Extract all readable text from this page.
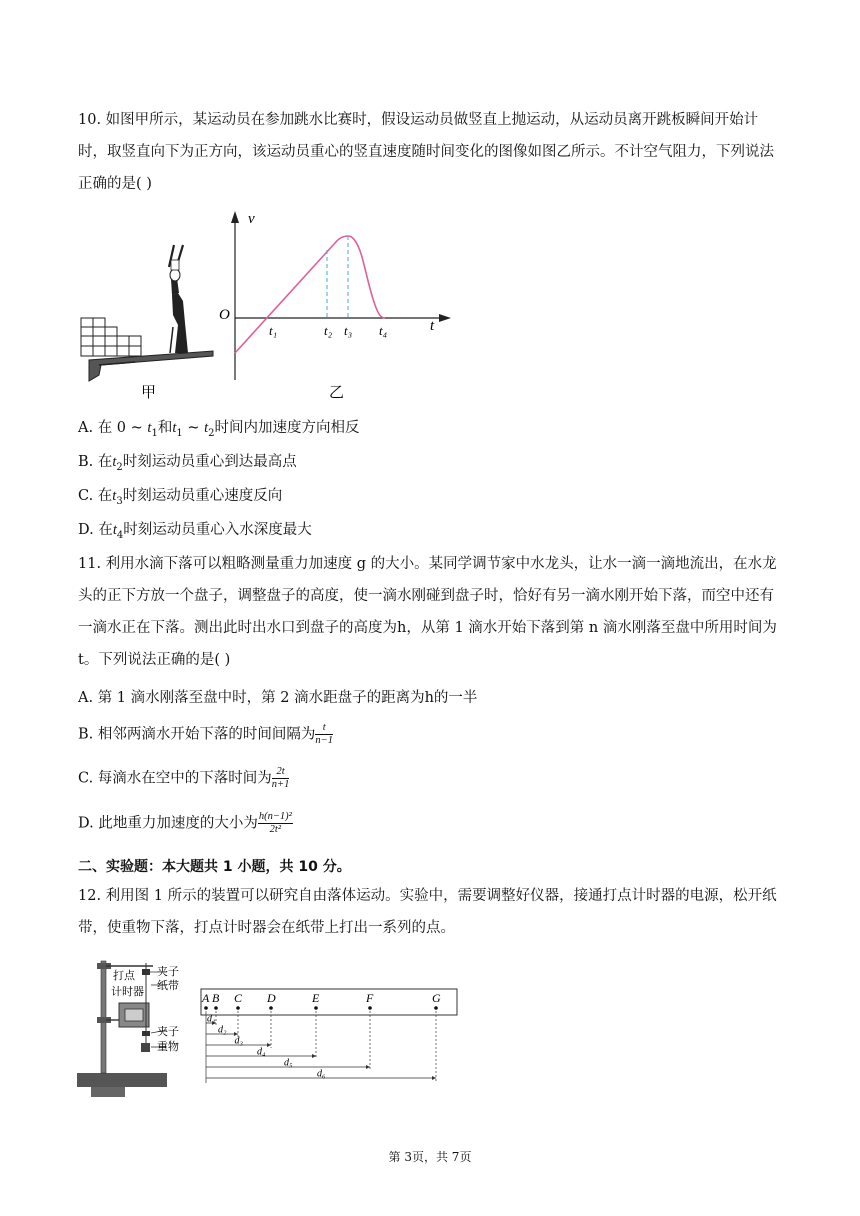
10. 如图甲所示，某运动员在参加跳水比赛时，假设运动员做竖直上抛运动，从运动员离开跳板瞬间开始计时，取竖直向下为正方向，该运动员重心的竖直速度随时间变化的图像如图乙所示。不计空气阻力，下列说法正确的是( )

甲
v
t
O
t₁	t₂ t₃ t₄
乙
A. 在 0 ~ $t_1$和$t_1$ ~ $t_2$时间内加速度方向相反
B. 在$t_2$时刻运动员重心到达最高点
C. 在$t_3$时刻运动员重心速度反向
D. 在$t_4$时刻运动员重心入水深度最大

11. 利用水滴下落可以粗略测量重力加速度 g 的大小。某同学调节家中水龙头，让水一滴一滴地流出，在水龙头的正下方放一个盘子，调整盘子的高度，使一滴水刚碰到盘子时，恰好有另一滴水刚开始下落，而空中还有一滴水正在下落。测出此时出水口到盘子的高度为h，从第 1 滴水开始下落到第 n 滴水刚落至盘中所用时间为 t。下列说法正确的是( )

A. 第 1 滴水刚落至盘中时，第 2 滴水距盘子的距离为h的一半
B. 相邻两滴水开始下落的时间间隔为 $\frac{t}{n-1}$
C. 每滴水在空中的下落时间为 $\frac{2t}{n+1}$
D. 此地重力加速度的大小为 $\frac{\text{h(n−1)²}}{\text{2t²}}$
二、实验题：本大题共 1 小题，共 10 分。

12. 利用图 1 所示的装置可以研究自由落体运动。实验中，需要调整好仪器，接通打点计时器的电源，松开纸带，使重物下落，打点计时器会在纸带上打出一系列的点。

打点
计时器
夹子
纸带
夹子
重物
A B C D	E	F	G
d₁
d₂
d₃
d₄
d₅
d₆
第 3页，共 7页
